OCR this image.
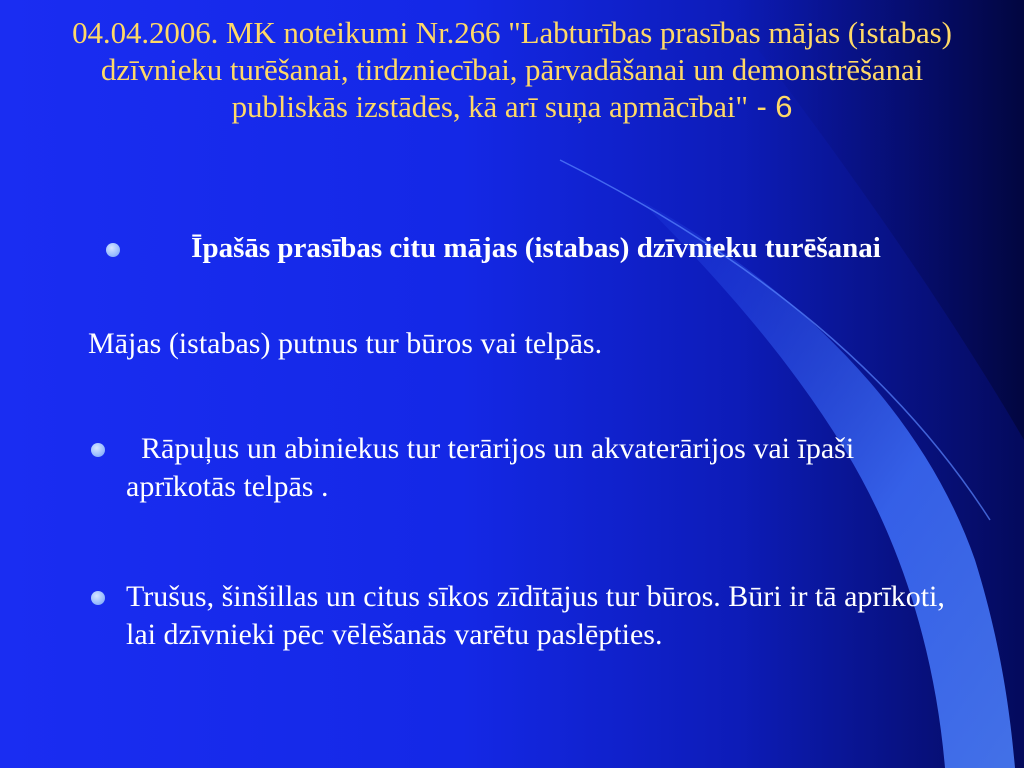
04.04.2006. MK noteikumi Nr.266 "Labturības prasības mājas (istabas) dzīvnieku turēšanai, tirdzniecībai, pārvadāšanai un demonstrēšanai publiskās izstādēs, kā arī suņa apmācībai" - 6

Īpašās prasības citu mājas (istabas) dzīvnieku turēšanai

Mājas (istabas) putnus tur būros vai telpās.

Rāpuļus un abiniekus tur terārijos un akvaterārijos vai īpaši aprīkotās telpās .

Trušus, šinšillas un citus sīkos zīdītājus tur būros. Būri ir tā aprīkoti, lai dzīvnieki pēc vēlēšanās varētu paslēpties.
